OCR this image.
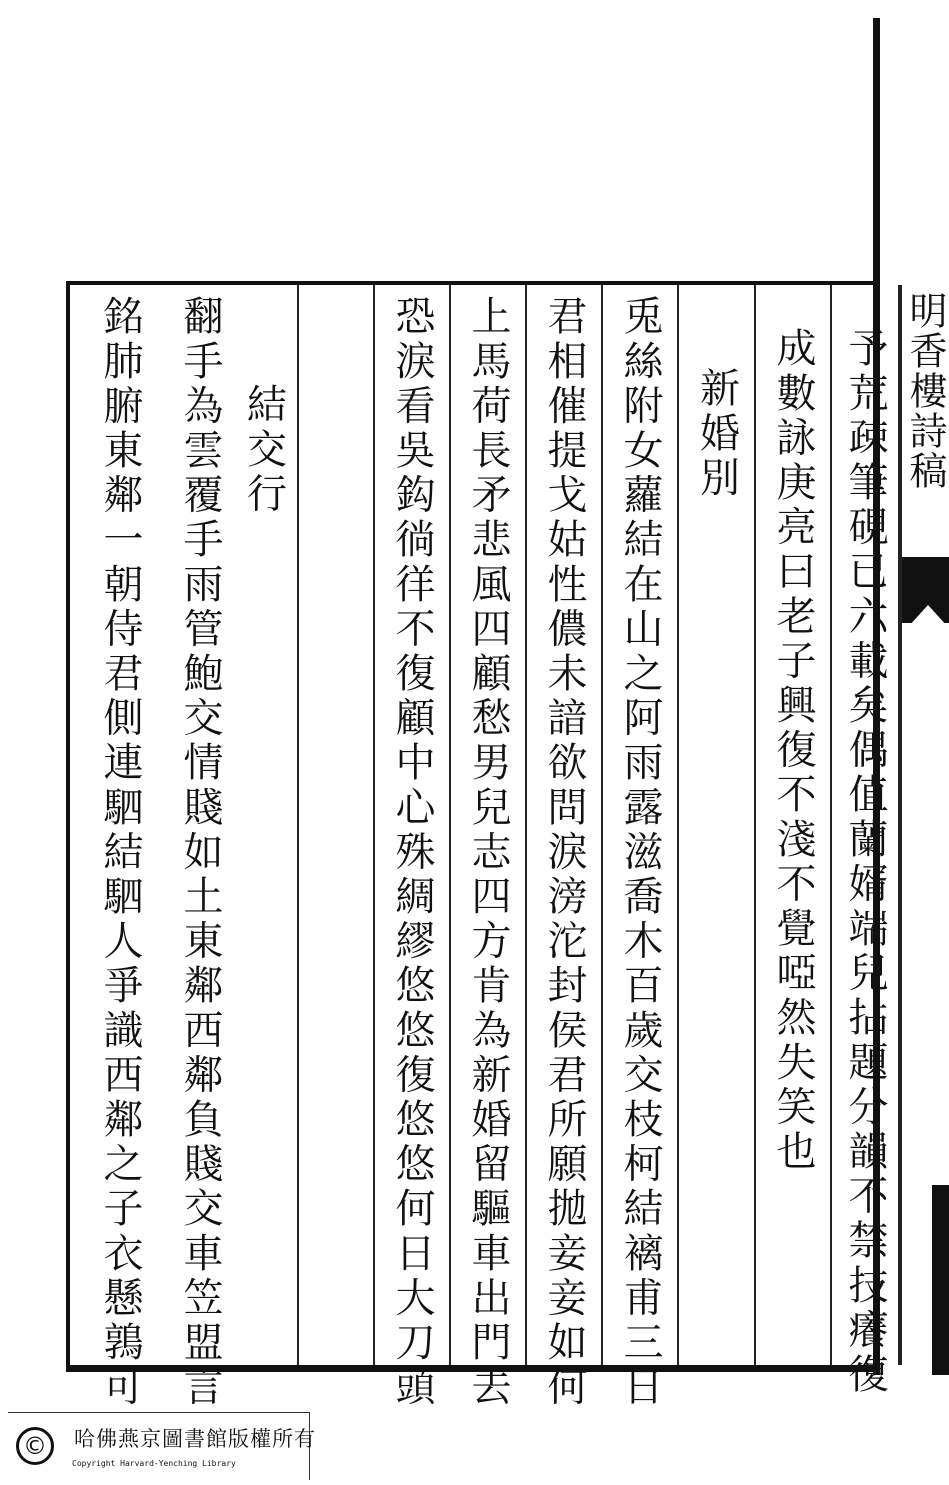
明香樓詩稿
予荒疎筆硯已六載矣偶值蘭婿端兒拈題分韻不禁技癢復
成數詠庚亮曰老子興復不淺不覺啞然失笑也
新婚別
兎絲附女蘿結在山之阿雨露滋喬木百歲交枝柯結褵甫三日
君相催提戈姑性儂未諳欲問淚滂沱封侯君所願拋妾妾如何
上馬荷長矛悲風四顧愁男兒志四方肯為新婚留驅車出門去
恐淚看吳鈎徜徉不復顧中心殊綢繆悠悠復悠悠何日大刀頭
結交行
翻手為雲覆手雨管鮑交情賤如土東鄰西鄰負賤交車笠盟言
銘肺腑東鄰一朝侍君側連駟結駟人爭識西鄰之子衣懸鶉可
©	哈佛燕京圖書館版權所有
Copyright Harvard-Yenching Library
